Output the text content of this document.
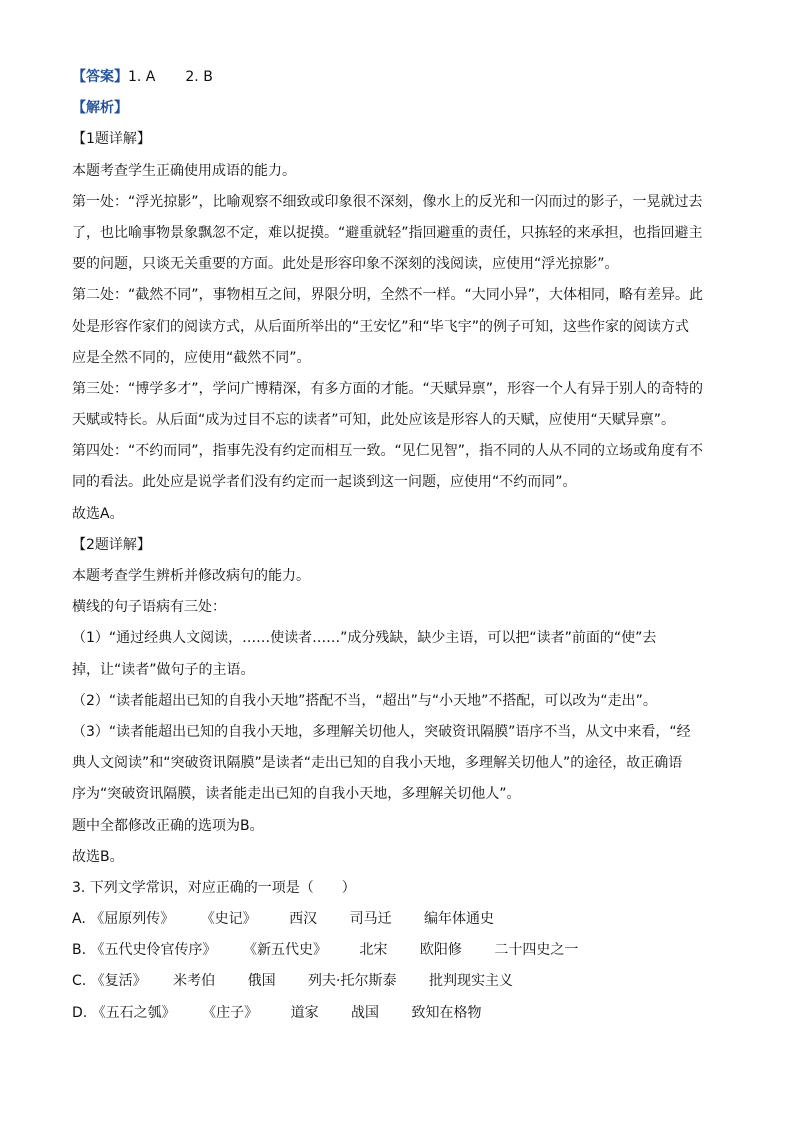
【答案】1. A 2. B
【解析】
【1题详解】
本题考查学生正确使用成语的能力。
第一处：“浮光掠影”，比喻观察不细致或印象很不深刻，像水上的反光和一闪而过的影子，一晃就过去
了，也比喻事物景象飘忽不定，难以捉摸。“避重就轻”指回避重的责任，只拣轻的来承担，也指回避主
要的问题，只谈无关重要的方面。此处是形容印象不深刻的浅阅读，应使用“浮光掠影”。
第二处：“截然不同”，事物相互之间，界限分明，全然不一样。“大同小异”，大体相同，略有差异。此
处是形容作家们的阅读方式，从后面所举出的“王安忆”和“毕飞宇”的例子可知，这些作家的阅读方式
应是全然不同的，应使用“截然不同”。
第三处：“博学多才”，学问广博精深，有多方面的才能。“天赋异禀”，形容一个人有异于别人的奇特的
天赋或特长。从后面“成为过目不忘的读者”可知，此处应该是形容人的天赋，应使用“天赋异禀”。
第四处：“不约而同”，指事先没有约定而相互一致。“见仁见智”，指不同的人从不同的立场或角度有不
同的看法。此处应是说学者们没有约定而一起谈到这一问题，应使用“不约而同”。
故选A。
【2题详解】
本题考查学生辨析并修改病句的能力。
横线的句子语病有三处：
（1）“通过经典人文阅读，……使读者……”成分残缺，缺少主语，可以把“读者”前面的“使”去
掉，让“读者”做句子的主语。
（2）“读者能超出已知的自我小天地”搭配不当，“超出”与“小天地”不搭配，可以改为“走出”。
（3）“读者能超出已知的自我小天地，多理解关切他人，突破资讯隔膜”语序不当，从文中来看，“经
典人文阅读”和“突破资讯隔膜”是读者“走出已知的自我小天地，多理解关切他人”的途径，故正确语
序为“突破资讯隔膜，读者能走出已知的自我小天地，多理解关切他人”。
题中全都修改正确的选项为B。
故选B。
3. 下列文学常识，对应正确的一项是（　　）
A. 《屈原列传》 《史记》 西汉 司马迁 编年体通史
B. 《五代史伶官传序》 《新五代史》 北宋 欧阳修 二十四史之一
C. 《复活》 米考伯 俄国 列夫·托尔斯泰 批判现实主义
D. 《五石之瓠》 《庄子》 道家 战国 致知在格物
